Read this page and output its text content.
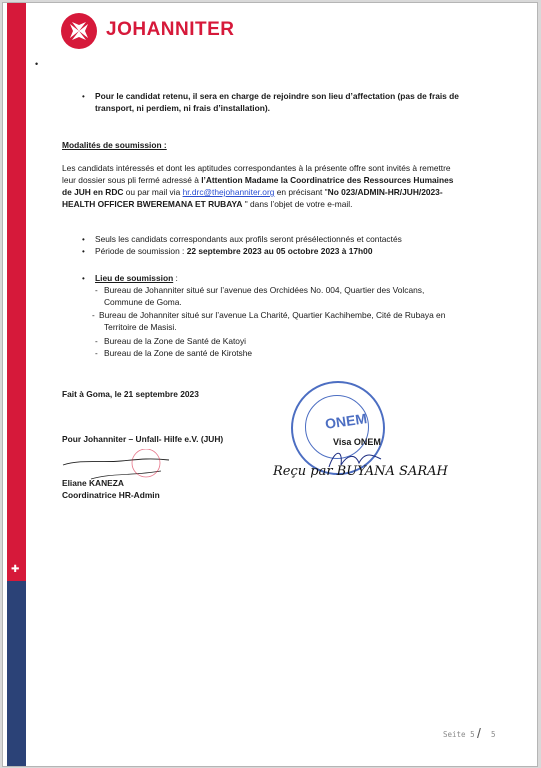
✚
JOHANNITER
•
• Pour le candidat retenu, il sera en charge de rejoindre son lieu d’affectation (pas de frais de
transport, ni perdiem, ni frais d’installation).
Modalités de soumission :
Les candidats intéressés et dont les aptitudes correspondantes à la présente offre sont invités à remettre
leur dossier sous pli fermé adressé à l’Attention Madame la Coordinatrice des Ressources Humaines
de JUH en RDC ou par mail via hr.drc@thejohanniter.org en précisant "No 023/ADMIN-HR/JUH/2023-
HEALTH OFFICER BWEREMANA ET RUBAYA " dans l’objet de votre e-mail.
• Seuls les candidats correspondants aux profils seront présélectionnés et contactés
• Période de soumission : 22 septembre 2023 au 05 octobre 2023 à 17h00
• Lieu de soumission :
- Bureau de Johanniter situé sur l’avenue des Orchidées No. 004, Quartier des Volcans,
Commune de Goma.
- Bureau de Johanniter situé sur l’avenue La Charité, Quartier Kachihembe, Cité de Rubaya en
Territoire de Masisi.
- Bureau de la Zone de Santé de Katoyi
- Bureau de la Zone de santé de Kirotshe
Fait à Goma, le 21 septembre 2023
Pour Johanniter – Unfall- Hilfe e.V. (JUH)
Eliane KANEZA
Coordinatrice HR-Admin
ONEM
Visa ONEM
Reçu par BUYANA SARAH
Seite 5 / 5
